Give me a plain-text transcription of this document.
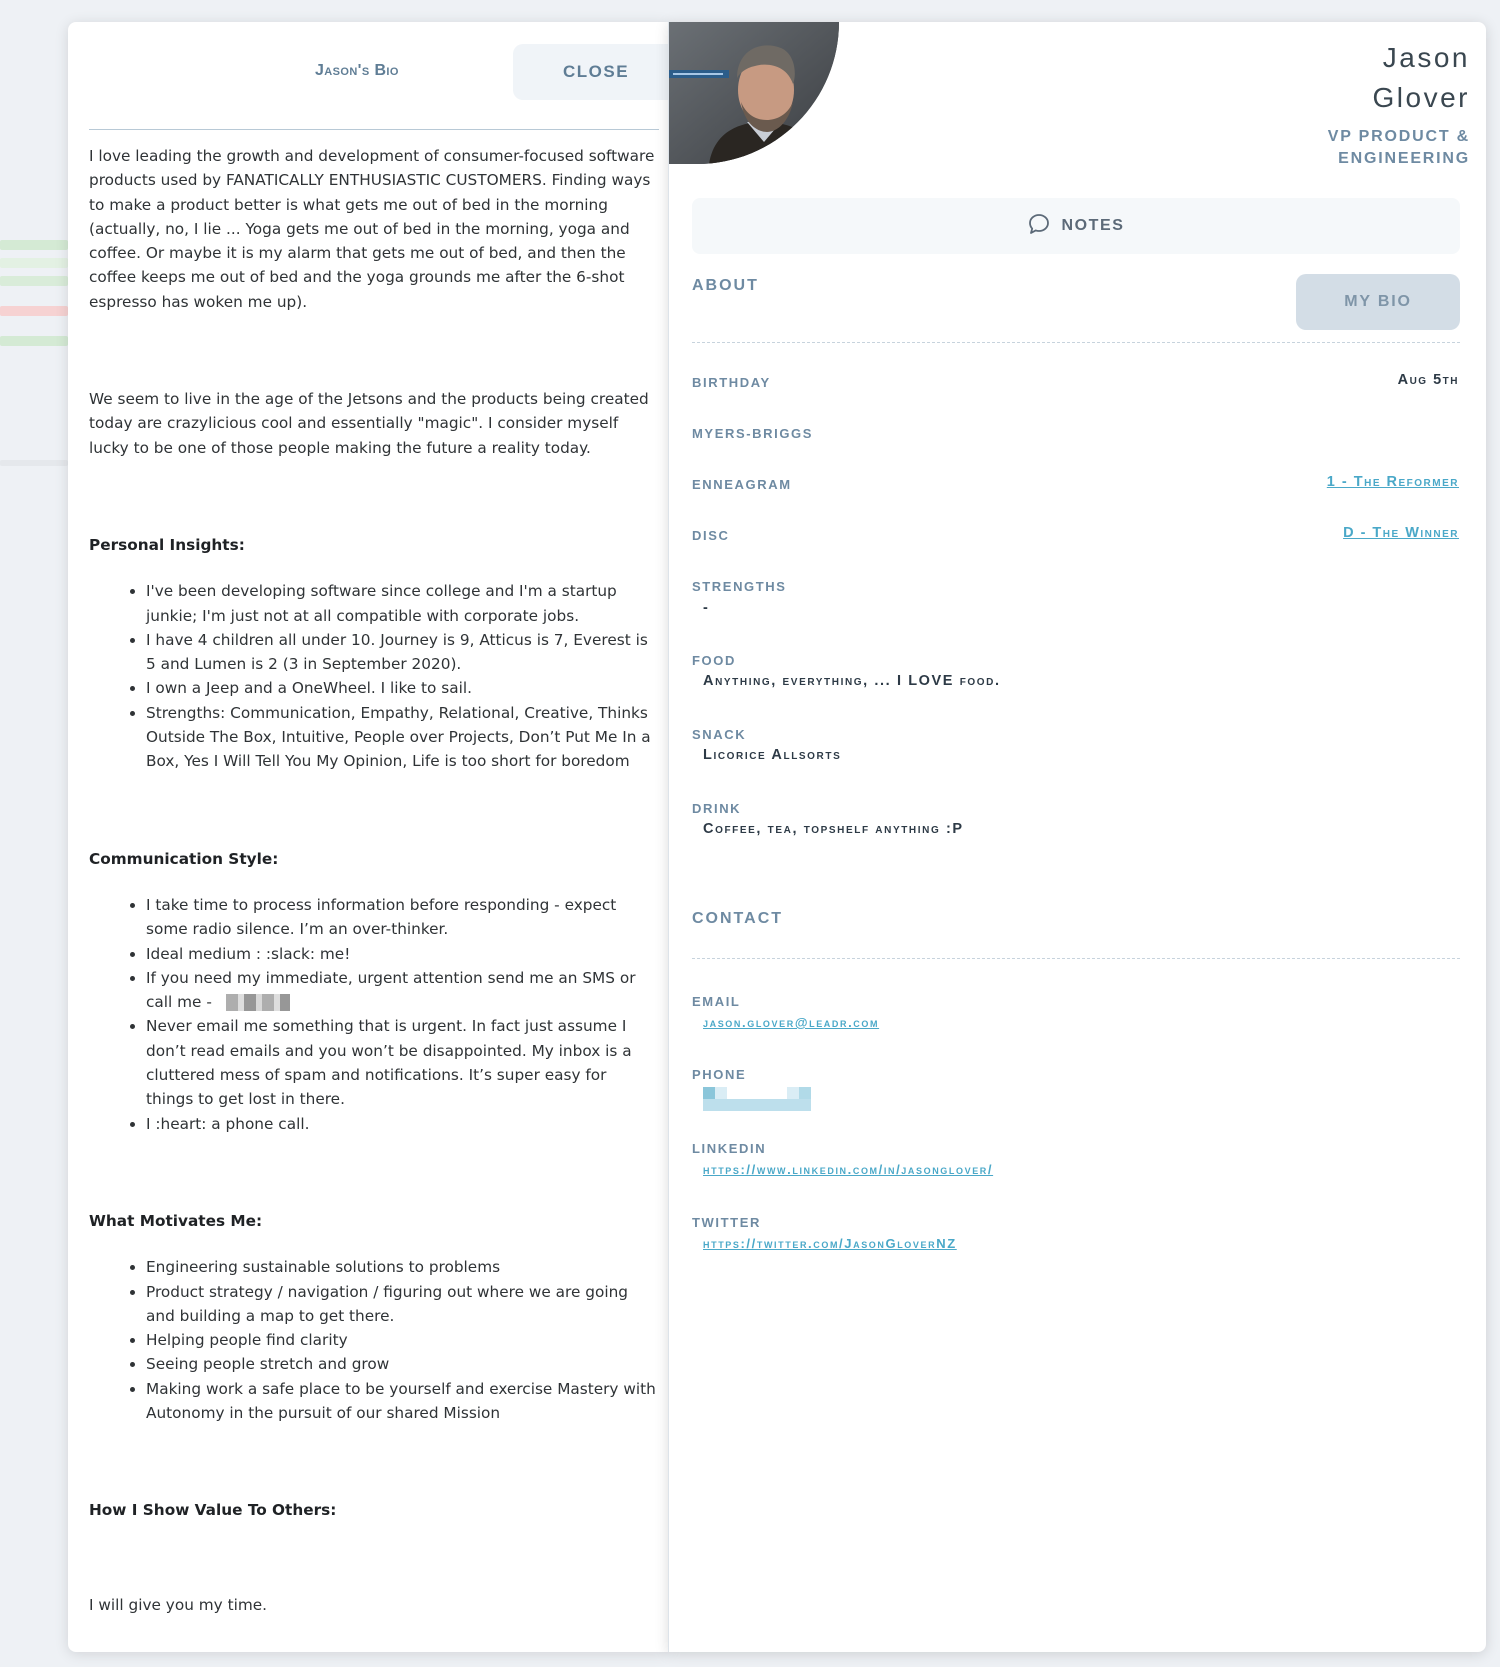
Jason's Bio	CLOSE

I love leading the growth and development of consumer-focused software products used by FANATICALLY ENTHUSIASTIC CUSTOMERS. Finding ways to make a product better is what gets me out of bed in the morning (actually, no, I lie ... Yoga gets me out of bed in the morning, yoga and coffee. Or maybe it is my alarm that gets me out of bed, and then the coffee keeps me out of bed and the yoga grounds me after the 6-shot espresso has woken me up).

We seem to live in the age of the Jetsons and the products being created today are crazylicious cool and essentially "magic". I consider myself lucky to be one of those people making the future a reality today.

Personal Insights:
• I've been developing software since college and I'm a startup junkie; I'm just not at all compatible with corporate jobs.
• I have 4 children all under 10. Journey is 9, Atticus is 7, Everest is 5 and Lumen is 2 (3 in September 2020).
• I own a Jeep and a OneWheel. I like to sail.
• Strengths: Communication, Empathy, Relational, Creative, Thinks Outside The Box, Intuitive, People over Projects, Don’t Put Me In a Box, Yes I Will Tell You My Opinion, Life is too short for boredom
Communication Style:
• I take time to process information before responding - expect some radio silence. I’m an over-thinker.
• Ideal medium : :slack: me!
• If you need my immediate, urgent attention send me an SMS or call me -
• Never email me something that is urgent. In fact just assume I don’t read emails and you won’t be disappointed. My inbox is a cluttered mess of spam and notifications. It’s super easy for things to get lost in there.
• I :heart: a phone call.
What Motivates Me:
• Engineering sustainable solutions to problems
• Product strategy / navigation / figuring out where we are going and building a map to get there.
• Helping people find clarity
• Seeing people stretch and grow
• Making work a safe place to be yourself and exercise Mastery with Autonomy in the pursuit of our shared Mission
How I Show Value To Others:

I will give you my time.

Jason
Glover
VP PRODUCT &
ENGINEERING
NOTES
ABOUT
MY BIO
BIRTHDAY	Aug 5th
MYERS-BRIGGS
ENNEAGRAM	1 - The Reformer
DISC	D - The Winner
STRENGTHS
-
FOOD
Anything, everything, ... I LOVE food.
SNACK
Licorice Allsorts
DRINK
Coffee, tea, topshelf anything :P
CONTACT
EMAIL
jason.glover@leadr.com
PHONE
LINKEDIN
https://www.linkedin.com/in/jasonglover/
TWITTER
https://twitter.com/JasonGloverNZ
